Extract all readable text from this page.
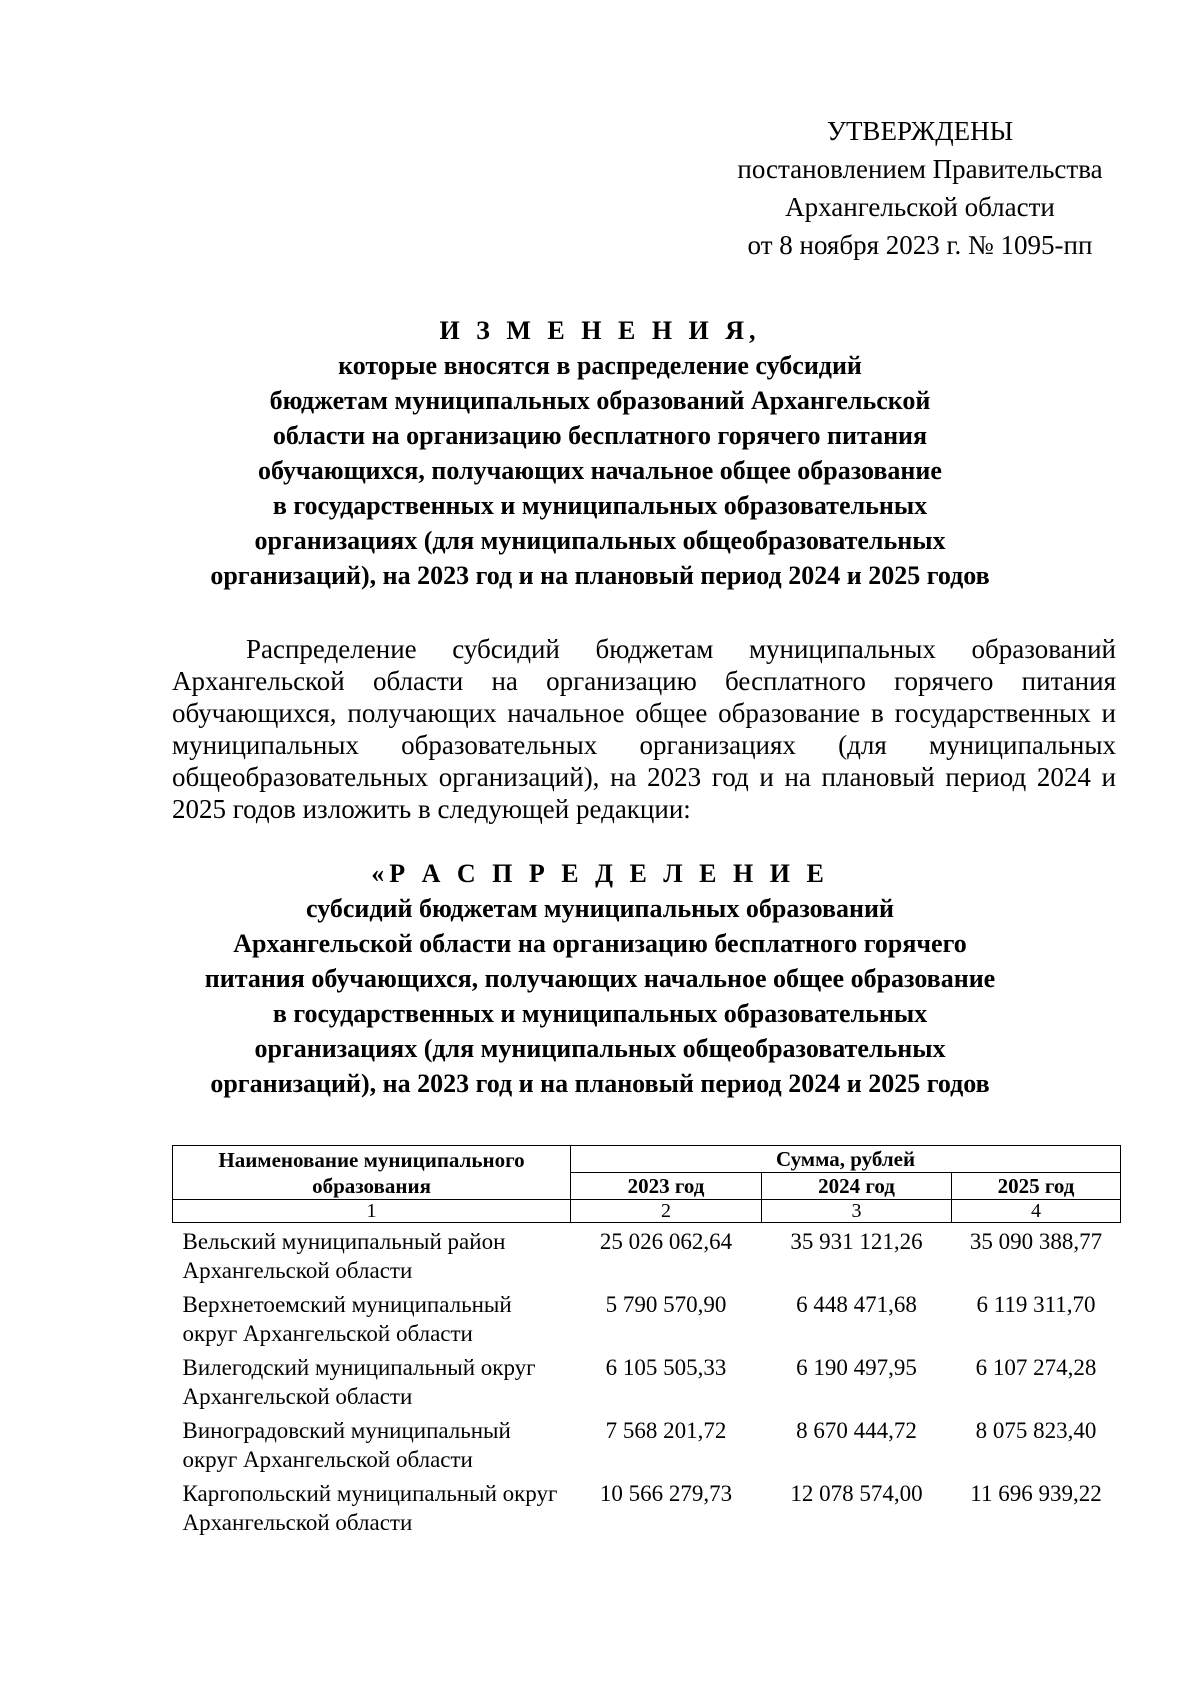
УТВЕРЖДЕНЫ
постановлением Правительства
Архангельской области
от 8 ноября 2023 г. № 1095-пп
И З М Е Н Е Н И Я,
которые вносятся в распределение субсидий
бюджетам муниципальных образований Архангельской
области на организацию бесплатного горячего питания
обучающихся, получающих начальное общее образование
в государственных и муниципальных образовательных
организациях (для муниципальных общеобразовательных
организаций), на 2023 год и на плановый период 2024 и 2025 годов
Распределение субсидий бюджетам муниципальных образований Архангельской области на организацию бесплатного горячего питания обучающихся, получающих начальное общее образование в государственных и муниципальных образовательных организациях (для муниципальных общеобразовательных организаций), на 2023 год и на плановый период 2024 и 2025 годов изложить в следующей редакции:
«Р А С П Р Е Д Е Л Е Н И Е
субсидий бюджетам муниципальных образований
Архангельской области на организацию бесплатного горячего
питания обучающихся, получающих начальное общее образование
в государственных и муниципальных образовательных
организациях (для муниципальных общеобразовательных
организаций), на 2023 год и на плановый период 2024 и 2025 годов
Наименование муниципального образования	Сумма, рублей		
	2023 год	2024 год	2025 год
1	2	3	4
Вельский муниципальный район Архангельской области	25 026 062,64	35 931 121,26	35 090 388,77
Верхнетоемский муниципальный округ Архангельской области	5 790 570,90	6 448 471,68	6 119 311,70
Вилегодский муниципальный округ Архангельской области	6 105 505,33	6 190 497,95	6 107 274,28
Виноградовский муниципальный округ Архангельской области	7 568 201,72	8 670 444,72	8 075 823,40
Каргопольский муниципальный округ Архангельской области	10 566 279,73	12 078 574,00	11 696 939,22
